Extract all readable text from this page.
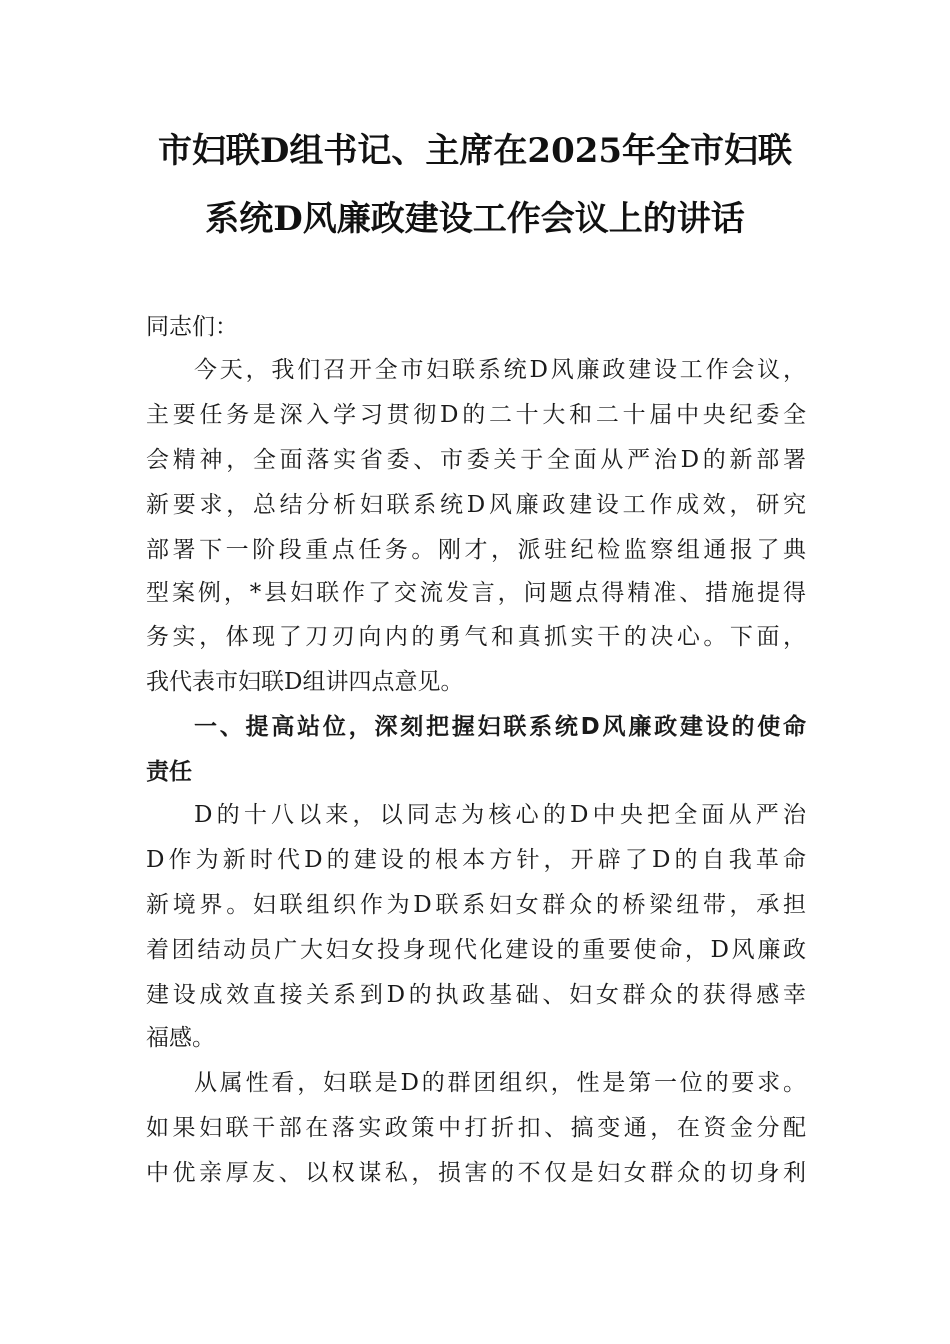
市妇联D组书记、主席在2025年全市妇联
系统D风廉政建设工作会议上的讲话
同志们：
今天，我们召开全市妇联系统D风廉政建设工作会议，
主要任务是深入学习贯彻D的二十大和二十届中央纪委全
会精神，全面落实省委、市委关于全面从严治D的新部署
新要求，总结分析妇联系统D风廉政建设工作成效，研究
部署下一阶段重点任务。刚才，派驻纪检监察组通报了典
型案例，*县妇联作了交流发言，问题点得精准、措施提得
务实，体现了刀刃向内的勇气和真抓实干的决心。下面，
我代表市妇联D组讲四点意见。
一、提高站位，深刻把握妇联系统D风廉政建设的使命
责任
D的十八以来，以同志为核心的D中央把全面从严治
D作为新时代D的建设的根本方针，开辟了D的自我革命
新境界。妇联组织作为D联系妇女群众的桥梁纽带，承担
着团结动员广大妇女投身现代化建设的重要使命，D风廉政
建设成效直接关系到D的执政基础、妇女群众的获得感幸
福感。
从属性看，妇联是D的群团组织，性是第一位的要求。
如果妇联干部在落实政策中打折扣、搞变通，在资金分配
中优亲厚友、以权谋私，损害的不仅是妇女群众的切身利
